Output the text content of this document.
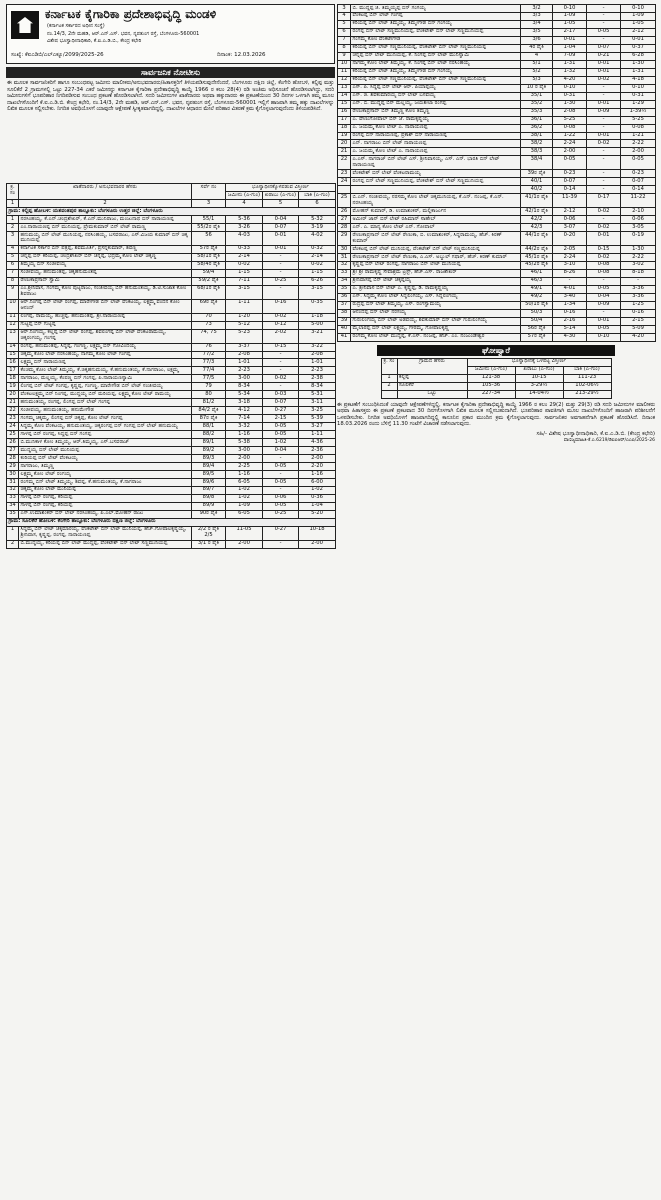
ಕರ್ನಾಟಕ ಕೈಗಾರಿಕಾ ಪ್ರದೇಶಾಭಿವೃದ್ಧಿ ಮಂಡಳಿ
(ಕರ್ನಾಟಕ ಸರ್ಕಾರದ ಅಧೀನ ಸಂಸ್ಥೆ)
ನಂ.14/3, 2ನೇ ಮಹಡಿ, ಆರ್.ಎನ್.ಎಸ್. ಭವನ, ನೃಪತುಂಗ ರಸ್ತೆ, ಬೆಂಗಳೂರು-560001
ವಿಶೇಷ ಭೂಸ್ವಾಧೀನಾಧಿಕಾರಿ, ಕೆ.ಐ.ಎ.ಡಿ.ಬಿ., ಕೇಂದ್ರ ಕಛೇರಿ
ಸಂಖ್ಯೆ: ಕೆಐಎಡಿಬಿ/ಎಲ್ಎಕ್ಯೂ/2099/2025-26	ದಿನಾಂಕ: 12.03.2026
ಸಾರ್ವಜನಿಕ ನೋಟೀಸು
ಈ ಮೂಲಕ ಸಾರ್ವಜನಿಕರಿಗೆ ಹಾಗೂ ಸಂಬಂಧಪಟ್ಟ ಜಮೀನು ಮಾಲೀಕರು/ಅನುಭವದಾರರು/ಹಿತಾಸಕ್ತರಿಗೆ ತಿಳಿಯಪಡಿಸುವುದೇನೆಂದರೆ, ಬೆಂಗಳೂರು ದಕ್ಷಿಣ ಜಿಲ್ಲೆ, ಕೆಂಗೇರಿ ಹೋಬಳಿ, ಕಲ್ಲಿಪ್ಪ ಮತ್ತು ಸೂಲಿಕೆರೆ 2 ಗ್ರಾಮಗಳಲ್ಲಿ ಒಟ್ಟು 227-34 ಎಕರೆ ಜಮೀನನ್ನು ಕರ್ನಾಟಕ ಕೈಗಾರಿಕಾ ಪ್ರದೇಶಾಭಿವೃದ್ಧಿ ಕಾಯ್ದೆ 1966 ರ ಕಲಂ 28(4) ರಡಿ ಅಂತಿಮ ಅಧಿಸೂಚನೆ ಹೊರಡಿಸಲಾಗಿದ್ದು, ಸದರಿ ಜಮೀನುಗಳಿಗೆ ಭೂಪರಿಹಾರ ನಿಗದಿಪಡಿಸುವ ಸಂಬಂಧ ಪ್ರಕಟಣೆ ಹೊರಡಿಸಲಾಗಿದೆ. ಸದರಿ ಜಮೀನುಗಳ ಖಾತೆದಾರರು ಅಥವಾ ಹಕ್ಕುದಾರರು ಈ ಪ್ರಕಟಣೆಯಿಂದ 30 ದಿನಗಳ ಒಳಗಾಗಿ ತಮ್ಮ ಮೂಲ ದಾಖಲೆಗಳೊಂದಿಗೆ ಕೆ.ಐ.ಎ.ಡಿ.ಬಿ. ಕೇಂದ್ರ ಕಛೇರಿ, ನಂ.14/3, 2ನೇ ಮಹಡಿ, ಆರ್.ಎನ್.ಎಸ್. ಭವನ, ನೃಪತುಂಗ ರಸ್ತೆ, ಬೆಂಗಳೂರು-560001 ಇಲ್ಲಿಗೆ ಹಾಜರಾಗಿ ತಮ್ಮ ಹಕ್ಕು ದಾಖಲೆಗಳನ್ನು ಲಿಖಿತ ಮೂಲಕ ಸಲ್ಲಿಸಬೇಕು. ನಿಗದಿತ ಅವಧಿಯೊಳಗೆ ಯಾವುದೇ ಆಕ್ಷೇಪಣೆ ಸ್ವೀಕೃತವಾಗದಿದ್ದಲ್ಲಿ, ದಾಖಲೆಗಳ ಆಧಾರದ ಮೇಲೆ ಪರಿಹಾರ ವಿತರಣೆ ಕ್ರಮ ಕೈಗೊಳ್ಳಲಾಗುವುದೆಂದು ತಿಳಿಯಪಡಿಸಿದೆ.
ಕ್ರ. ಸಂ	ಖಾತೆದಾರರು / ಅನುಭವದಾರರ ಹೆಸರು	ಸರ್ವೆ ನಂ	ಭೂಸ್ವಾಧೀನಕ್ಕೊಳಪಡುವ ವಿಸ್ತೀರ್ಣ		
			ಜಮೀನು (ಎ-ಗುಂ)	ಖರಾಬು (ಎ-ಗುಂ)	ಬಾಕಿ (ಎ-ಗುಂ)
1	2	3	4	5	6
ಗ್ರಾಮ: ಕಲ್ಲಿಪ್ಪ ಹೋಬಳಿ: ಯಶವಂತಪುರ ತಾಲ್ಲೂಕು: ಬೆಂಗಳೂರು ಉತ್ತರ ಜಿಲ್ಲೆ: ಬೆಂಗಳೂರು					
1	ನರಸಿಂಹಯ್ಯ, ಕೆ.ಎನ್.ಚಂದ್ರಶೇಖರ್, ಕೆ.ಎನ್.ಮುನಿರಾಜು, ಮಂಜುನಾಥ ಬಿನ್ ನಾರಾಯಣಪ್ಪ	55/1	5-36	0-04	5-32
2	ಎಂ.ನಾರಾಯಣಪ್ಪ ಬಿನ್ ಮುನಿಯಪ್ಪ, ಪ್ರೇಮಕುಮಾರ್ ಬಿನ್ ಲೇಟ್ ರಾಮಣ್ಣ	55/2ರ ಪೈಕಿ	3-26	0-07	3-19
3	ಹನುಮಯ್ಯ ಬಿನ್ ಲೇಟ್ ಮುನಿಯಪ್ಪ, ನರಸಿಂಹಯ್ಯ, ಬಸವರಾಜು, ಎಸ್.ವಿಜಯ ಕುಮಾರ್ ಬಿನ್ ಚಿಕ್ಕ ಮುನಿಯಪ್ಪ	56	4-03	0-01	4-02
4	ಕರ್ನಾಟಕ ಸರ್ಕಾರ ಬಿನ್ ಪತ್ರಪ್ಪ, ಶಿವಮೂರ್ತಿ, ಪ್ರಸನ್ನಕುಮಾರ್, ಶಿವಣ್ಣ	57ರ ಪೈಕಿ	0-33	0-01	0-32
5	ಚನ್ನಪ್ಪ ಬಿನ್ ಕರಿಯಪ್ಪ, ಚಂದ್ರಶೇಖರ್ ಬಿನ್ ಚನ್ನಪ್ಪ, ಭದ್ರಮ್ಮ ಕೋಂ ಲೇಟ್ ಚಿಕ್ಕಣ್ಣ	58/1ರ ಪೈಕಿ	2-14	-	2-14
6	ತಿಮ್ಮಯ್ಯ ಬಿನ್ ಸಂಜೀವಯ್ಯ	58/4ರ ಪೈಕಿ	0-02	-	0-02
7	ಸಂಜೀವಯ್ಯ, ಹನುಮಂತಪ್ಪ, ಚಿಕ್ಕಹನುಮಂತಪ್ಪ	59/4	1-15	-	1-15
8	ರೇಣುಕಾಪ್ರಸಾದ್ ಸ್ವಾಮಿ	59/2 ಪೈಕಿ	7-11	0-25	6-26
9	ಎಂ.ಶ್ರೀನಿವಾಸ, ಗಂಗಮ್ಮ ಕೋಂ ಪುಟ್ಟರಾಜು, ಸಂಜೀವಯ್ಯ ಬಿನ್ ಹನುಮಂತಯ್ಯ, ಡಿ.ಟಿ.ಸುಜಾತ ಕೋಂ ಶಿವರಾಜು	68/1ರ ಪೈಕಿ	3-15	-	3-15
10	ಆರ್.ನಿಂಗಪ್ಪ ಬಿನ್ ಲೇಟ್ ರಂಗಪ್ಪ, ಮಾರೇಗೌಡ ಬಿನ್ ಲೇಟ್ ವೆಂಕಟಯ್ಯ, ಲಕ್ಷ್ಮಮ್ಮ ವಂದನ ಕೋಂ ಆನಂದ್	69ರ ಪೈಕಿ	1-11	0-16	0-35
11	ಲಿಂಗಪ್ಪ, ರಾಮಯ್ಯ, ಹುಚ್ಚಪ್ಪ, ಹನುಮಂತಪ್ಪ, ಶ್ರೀ.ನಾರಾಯಣಪ್ಪ	70	1-20	0-02	1-18
12	ಗುಟ್ಟಪ್ಪ ಬಿನ್ ಗುಟ್ಟಪ್ಪ	73	5-12	0-12	5-00
13	ಆರ್.ನಿಂಗಯ್ಯ, ಕಲ್ಲಪ್ಪ ಬಿನ್ ಲೇಟ್ ರಂಗಪ್ಪ, ಶಿವಲಿಂಗಪ್ಪ ಬಿನ್ ಲೇಟ್ ವೆಂಕಟರಾಮಯ್ಯ, ಚಿಕ್ಕರಂಗಯ್ಯ, ಗಂಗಪ್ಪ	74, 75	5-23	2-02	3-21
14	ರಂಗಪ್ಪ, ಹನುಮಂತಪ್ಪ, ಸಿದ್ದಪ್ಪ, ಗಂಗಣ್ಣ, ಲಕ್ಷ್ಮಮ್ಮ ಬಿನ್ ಗೋವಿಂದಯ್ಯ	76	3-37	0-15	3-22
15	ಚಿಕ್ಕಮ್ಮ ಕೋಂ ಲೇಟ್ ನರಸಿಂಹಯ್ಯ, ನಾಗಮ್ಮ ಕೋಂ ಲೇಟ್ ಗಂಗಪ್ಪ	77/2	2-08	-	2-08
16	ಲಕ್ಷ್ಮಮ್ಮ ಬಿನ್ ನಾರಾಯಣಪ್ಪ	77/3	1-01	-	1-01
17	ಕೆಂಚಮ್ಮ ಕೋಂ ಲೇಟ್ ತಿಮ್ಮಯ್ಯ, ಕೆ.ಚಿಕ್ಕಹನುಮಯ್ಯ, ಕೆ.ಹನುಮಂತಯ್ಯ, ಕೆ.ನಾಗರಾಜು, ಲಕ್ಷ್ಮಮ್ಮ	77/4	2-23	-	2-23
18	ನಾಗರಾಜು, ಮಲ್ಲಯ್ಯ, ಕೆಂಪಣ್ಣ ಬಿನ್ ಗಂಗಪ್ಪ, ಪಿ.ನಾರಾಯಣಸ್ವಾಮಿ	77/5	3-00	0-02	2-38
19	ಲಿಂಗಪ್ಪ ಬಿನ್ ಲೇಟ್ ಗಂಗಪ್ಪ, ಕೃಷ್ಣಪ್ಪ, ಗಂಗಣ್ಣ, ಮಾರೇಗೌಡ ಬಿನ್ ಲೇಟ್ ಸಂಜೀವಯ್ಯ	79	8-34	-	8-34
20	ವೆಂಕಟಲಕ್ಷ್ಮಮ್ಮ ಬಿನ್ ನಿಂಗಪ್ಪ, ಮುದ್ದಯ್ಯ ಬಿನ್ ಮರಿಯಪ್ಪ, ಲಕ್ಷ್ಮಮ್ಮ ಕೋಂ ಲೇಟ್ ರಾಮಯ್ಯ	80	5-34	0-03	5-31
21	ಹನುಮಂತಯ್ಯ, ರಂಗಪ್ಪ, ಲಿಂಗಪ್ಪ ಬಿನ್ ಲೇಟ್ ಗಂಗಪ್ಪ	81/2	3-18	0-07	3-11
22	ಸಂಜೀವಯ್ಯ, ಹನುಮಂತಯ್ಯ, ಹನುಮೇಗೌಡ	84/2 ಪೈಕಿ	4-12	0-27	3-25
23	ಗಂಗಮ್ಮ ಚಿಕ್ಕಮ್ಮ, ಲಿಂಗಪ್ಪ ಬಿನ್ ಚಿಕ್ಕಪ್ಪ, ಕೋಂ ಲೇಟ್ ಗಂಗಪ್ಪ	87ರ ಪೈಕಿ	7-14	2-15	5-39
24	ಸಿದ್ದಮ್ಮ ಕೋಂ ವೆಂಕಟಯ್ಯ, ಹನುಮಂತಯ್ಯ, ಚಿಕ್ಕರಂಗಪ್ಪ ಬಿನ್ ಗಂಗಪ್ಪ ಬಿನ್ ಲೇಟ್ ಹನುಮಯ್ಯ	88/1	3-32	0-05	3-27
25	ಗಾಳಪ್ಪ ಬಿನ್ ರಂಗಪ್ಪ, ಸಿದ್ದಪ್ಪ ಬಿನ್ ಗಂಗಪ್ಪ	88/2	1-16	0-05	1-11
26	ಬಿ.ಮುನಿಕಾಳ ಕೋಂ ತಿಮ್ಮಯ್ಯ, ಆರ್.ತಿಮ್ಮಯ್ಯ, ಎಸ್.ಬಸವರಾಜ್	89/1	5-38	1-02	4-36
27	ಮುದ್ದಯ್ಯ ಬಿನ್ ಲೇಟ್ ಮುನಿಯಪ್ಪ	89/2	3-00	0-04	2-36
28	ಕುರಿಯಪ್ಪ ಬಿನ್ ಲೇಟ್ ವೆಂಕಟಯ್ಯ	89/3	2-00	-	2-00
29	ನಾಗರಾಜು, ತಿಮ್ಮಣ್ಣ	89/4	2-25	0-05	2-20
30	ಲಕ್ಷ್ಮಮ್ಮ ಕೋಂ ಲೇಟ್ ರಂಗಯ್ಯ	89/5	1-16	-	1-16
31	ರಂಗಮ್ಮ ಬಿನ್ ಲೇಟ್ ತಿಮ್ಮಯ್ಯ, ಶಿವಪ್ಪ, ಕೆ.ಹನುಮಂತಯ್ಯ, ಕೆ.ನಾಗರಾಜು	89/6	6-05	0-05	6-00
32	ಚಿಕ್ಕಮ್ಮ ಕೋಂ ಲೇಟ್ ಮುನಿಯಪ್ಪ	89/7	1-02	-	1-02
33	ಗಾಳಪ್ಪ ಬಿನ್ ರಂಗಪ್ಪ, ಕರಿಯಪ್ಪ	89/8	1-02	0-06	0-36
34	ಗಾಳಪ್ಪ ಬಿನ್ ರಂಗಪ್ಪ, ಕರಿಯಪ್ಪ	89/9	1-09	0-05	1-04
35	ಎಸ್.ಉಮಾಶಂಕರ್ ಬಿನ್ ಲೇಟ್ ನರಸಿಂಹಯ್ಯ, ಪಿ.ಎಲ್.ಮೋಹನ್ ರಾಜು	90ರ ಪೈಕಿ	6-05	0-25	5-20
ಗ್ರಾಮ: ಸೂಲಿಕೆರೆ ಹೋಬಳಿ: ಕೆಂಗೇರಿ ತಾಲ್ಲೂಕು: ಬೆಂಗಳೂರು ದಕ್ಷಿಣ ಜಿಲ್ಲೆ: ಬೆಂಗಳೂರು					
1	ಸಿದ್ದಮ್ಮ ಬಿನ್ ಲೇಟ್ ಚಿಕ್ಕಮಾರಯ್ಯ, ವೆಂಕಟೇಶ್ ಬಿನ್ ಲೇಟ್ ಮುನಿಯಪ್ಪ, ಹೆಚ್.ಗೋಪಾಲಕೃಷ್ಣಯ್ಯ, ಶ್ರೀನಿವಾಸ, ಕೃಷ್ಣಪ್ಪ, ರಂಗಪ್ಪ, ನಾರಾಯಣಪ್ಪ	2/2 ರ ಪೈಕಿ 2/5	11-05	0-27	10-18
2	ಬಿ.ಮುದ್ದಯ್ಯ, ಕರಿಯಪ್ಪ ಬಿನ್ ಲೇಟ್ ಮುದ್ದಪ್ಪ, ವೆಂಕಟೇಶ್ ಬಿನ್ ಲೇಟ್ ಸಣ್ಣಮುನಿಯಪ್ಪ	3/1 ರ ಪೈಕಿ	2-00	-	2-00
3	ಬಿ. ಮುದ್ದಪ್ಪ ಜಿ. ತಿಮ್ಮಯ್ಯಪ್ಪ ಬಿನ್ ಗಂಗಯ್ಯ	3/2	0-10	-	0-10
4	ವೆಂಕಟಪ್ಪ ಬಿನ್ ಲೇಟ್ ಗಂಗಪ್ಪ	3/3	1-09	-	1-09
5	ಕರಿಯಪ್ಪ ಬಿನ್ ಲೇಟ್ ತಿಮ್ಮಯ್ಯ, ತಿಮ್ಮೇಗೌಡ ಬಿನ್ ಗಂಗಯ್ಯ	3/4	1-05	-	1-05
6	ರಂಗಪ್ಪ ಬಿನ್ ಲೇಟ್ ಸಣ್ಣಮುನಿಯಪ್ಪ, ವೆಂಕಟೇಶ್ ಬಿನ್ ಲೇಟ್ ಸಣ್ಣಮುನಿಯಪ್ಪ	3/5	2-17	0-05	2-12
7	ಗಂಗಮ್ಮ ಕೋಂ ವೆಂಕಟೇಗೌಡ	3/6	0-01	-	0-01
8	ಕರಿಯಪ್ಪ ಬಿನ್ ಲೇಟ್ ಸಣ್ಣಮುನಿಯಪ್ಪ, ವೆಂಕಟೇಶ್ ಬಿನ್ ಲೇಟ್ ಸಣ್ಣಮುನಿಯಪ್ಪ	4ರ ಪೈಕಿ	1-04	0-07	0-37
9	ಚನ್ನಪ್ಪ ಬಿನ್ ಲೇಟ್ ಮುನಿಯಪ್ಪ, ಕೆ. ನಿಂಗಪ್ಪ ಬಿನ್ ಲೇಟ್ ಮುನಿಸ್ವಾಮಿ	4	7-09	0-21	6-28
10	ನಾಗಮ್ಮ ಕೋಂ ಲೇಟ್ ತಿಮ್ಮಯ್ಯ, ಕೆ. ನಿಂಗಪ್ಪ ಬಿನ್ ಲೇಟ್ ನರಸಿಂಹಯ್ಯ	5/1	1-31	0-01	1-30
11	ಕರಿಯಪ್ಪ ಬಿನ್ ಲೇಟ್ ತಿಮ್ಮಯ್ಯ, ತಿಮ್ಮೇಗೌಡ ಬಿನ್ ಗಂಗಯ್ಯ	5/2	1-32	0-01	1-31
12	ಕರಿಯಪ್ಪ ಬಿನ್ ಲೇಟ್ ಸಣ್ಣಮುನಿಯಪ್ಪ, ವೆಂಕಟೇಶ್ ಬಿನ್ ಲೇಟ್ ಸಣ್ಣಮುನಿಯಪ್ಪ	5/3	4-20	0-02	4-18
13	ಎಸ್. ಪಿ. ಸಿದ್ದಪ್ಪ ಬಿನ್ ಲೇಟ್ ಆರ್. ಪಿಯಾಪ್ಪಯ್ಯ	10 ರ ಪೈಕಿ	0-10	-	0-10
14	ಎಸ್. ಜಿ. ಶಿವಕುಮಾರಯ್ಯ ಬಿನ್ ಲೇಟ್ ಬಸವಯ್ಯ	35/1	0-31	-	0-31
15	ಎನ್. ಬಿ. ಮುದ್ದಪ್ಪ ಬಿನ್ ಮಲ್ಲಯ್ಯ, ಜಯಶೀಲಾ ರಂಗಪ್ಪ	35/2	1-30	0-01	1-29
16	ರೇಣುಕಾಪ್ರಸಾದ್ ಬಿನ್ ತಿಮ್ಮಣ್ಣ ಕೋಂ ತಿಮ್ಮಣ್ಣ	35/3	2-08	0-09	1-39½
17	ಎ. ವೇಣುಗೋಪಾಲ್ ಬಿನ್ ಜೆ. ರಾಮಕೃಷ್ಣಯ್ಯ	36/1	5-25	-	5-25
18	ಎ. ಜಯಮ್ಮ ಕೋಂ ಲೇಟ್ ಎ. ನಾರಾಯಣಪ್ಪ	36/2	0-08	-	0-08
19	ರಂಗಪ್ಪ ಬಿನ್ ನಾರಾಯಣಪ್ಪ, ಪ್ರಕಾಶ್ ಬಿನ್ ನಾರಾಯಣಪ್ಪ	38/1	1-22	0-01	1-21
20	ಎನ್. ನಾಗರಾಜು ಬಿನ್ ಲೇಟ್ ನಾರಾಯಣಪ್ಪ	38/2	2-24	0-02	2-22
21	ಎ. ಜಯಮ್ಮ ಕೋಂ ಲೇಟ್ ಎ. ನಾರಾಯಣಪ್ಪ	38/3	2-00	-	2-00
22	ಎ.ಎಸ್. ನಾಗರಾಜ್ ಬಿನ್ ಲೇಟ್ ಎಸ್. ಶ್ರೀನಿವಾಸಯ್ಯ, ಎಸ್. ಎನ್. ಭಾರತಿ ಬಿನ್ ಲೇಟ್ ನಾರಾಯಣಪ್ಪ	38/4	0-05	-	0-05
23	ವೆಂಕಟೇಶ್ ಬಿನ್ ಲೇಟ್ ವೆಂಕಟರಾಮಯ್ಯ	39ರ ಪೈಕಿ	0-23	-	0-23
24	ರಂಗಪ್ಪ ಬಿನ್ ಲೇಟ್ ಸಣ್ಣಮುನಿಯಪ್ಪ, ವೆಂಕಟೇಶ್ ಬಿನ್ ಲೇಟ್ ಸಣ್ಣಮುನಿಯಪ್ಪ	40/1	0-07	-	0-07
		40/2	0-14	-	0-14
25	ಬಿ.ಎನ್. ಸಂಜೀವಯ್ಯ, ನರಸಮ್ಮ ಕೋಂ ಲೇಟ್ ಚಿಕ್ಕಮುನಿಯಪ್ಪ, ಕೆ.ಎನ್. ನಂಜಪ್ಪ, ಕೆ.ಎನ್. ನರಸಿಂಹಯ್ಯ	41/1ರ ಪೈಕಿ	11-39	0-17	11-22
26	ಮೋಹನ್ ಕುಮಾರ್, ಡಿ. ಉಮಾಶಂಕರ್, ಮಲ್ಲಿಕಾರ್ಜುನ	42/1ರ ಪೈಕಿ	2-12	0-02	2-10
27	ಅಮೀರ್ ಜಾನ್ ಬಿನ್ ಲೇಟ್ ರಹಿಮಾನ್ ಸಾಹೇಬ್	42/2	0-06	-	0-06
28	ಎನ್. ಎ. ಮಾನ್ಯ ಕೋಂ ಲೇಟ್ ಎನ್. ಗೋಪಾಲ್	42/3	3-07	0-02	3-05
29	ರೇಣುಕಾಪ್ರಸಾದ್ ಬಿನ್ ಲೇಟ್ ರೇಣುಕಾ, ಬಿ. ಉಮಾಶಂಕರ್, ಸಿದ್ದರಾಮಯ್ಯ, ಹೆಚ್. ಕಿರಣ್ ಕುಮಾರ್	44/1ರ ಪೈಕಿ	0-20	0-01	0-19
30	ವೆಂಕಟಪ್ಪ ಬಿನ್ ಲೇಟ್ ಮುನಿಯಪ್ಪ, ವೆಂಕಟೇಶ್ ಬಿನ್ ಲೇಟ್ ಸಣ್ಣಮುನಿಯಪ್ಪ	44/2ರ ಪೈಕಿ	2-05	0-15	1-30
31	ರೇಣುಕಾಪ್ರಸಾದ್ ಬಿನ್ ಲೇಟ್ ರೇಣುಕಾ, ಎ.ಎಸ್. ಅಬ್ದುಲ್ ಗಫಾರ್, ಹೆಚ್. ಕಿರಣ್ ಕುಮಾರ್	45/1ರ ಪೈಕಿ	2-24	0-02	2-22
32	ಕೃಷ್ಣಪ್ಪ ಬಿನ್ ಲೇಟ್ ರಂಗಪ್ಪ, ನಾಗರಾಜು ಬಿನ್ ಲೇಟ್ ಮುನಿಯಪ್ಪ	45/2ರ ಪೈಕಿ	3-10	0-08	3-02
33	ಶ್ರೀ ಶ್ರೀ ರಾಮಕೃಷ್ಣ ಸೇವಾಶ್ರಮ ಟ್ರಸ್ಟ್, ಹೆಚ್.ಎಸ್. ರಾಜಶೇಖರ್	46/1	8-26	0-08	8-18
34	ಶ್ರೀನಿವಾಸಪ್ಪ ಬಿನ್ ಲೇಟ್ ಚಿಕ್ಕಪ್ಪಯ್ಯ	46/3	-	-	-
35	ಎ. ಶ್ರೀನಿವಾಸ ಬಿನ್ ಲೇಟ್ ಎ. ಕೃಷ್ಣಪ್ಪ, ಡಿ. ರಾಮಕೃಷ್ಣಯ್ಯ	49/1	4-01	0-05	3-36
36	ಎಸ್. ಸಿದ್ದಮ್ಮ ಕೋಂ ಲೇಟ್ ಸಿದ್ದಲಿಂಗಯ್ಯ, ಎಸ್. ಸಿದ್ದಲಿಂಗಯ್ಯ	49/2	3-40	0-04	3-36
37	ರುದ್ರಪ್ಪ ಬಿನ್ ಲೇಟ್ ತಿಮ್ಮಯ್ಯ, ಎಸ್. ರಂಗಸ್ವಾಮಯ್ಯ	50/1ರ ಪೈಕಿ	1-34	0-09	1-25
38	ಆನಂದಪ್ಪ ಬಿನ್ ಲೇಟ್ ನರಸಯ್ಯ	50/3	0-16	-	0-16
39	ಗುರುಲಿಂಗಯ್ಯ ಬಿನ್ ಲೇಟ್ ಅಡವಯ್ಯ, ಶಿವಕುಮಾರ್ ಬಿನ್ ಲೇಟ್ ಗುರುಲಿಂಗಯ್ಯ	50/4	2-16	0-01	2-15
40	ಮೈಲಾರಪ್ಪ ಬಿನ್ ಲೇಟ್ ಲಕ್ಷ್ಮಯ್ಯ, ಗೌರಮ್ಮ, ಗೋಪಾಲಕೃಷ್ಣ	56ರ ಪೈಕಿ	5-14	0-05	5-09
41	ರಂಗಮ್ಮ ಕೋಂ ಲೇಟ್ ಮುದ್ದಪ್ಪ, ಕೆ.ಎಸ್. ನಂಜಪ್ಪ, ಹೆಚ್. ಎಂ. ನಂಜುಂಡೇಶ್ವರ	57ರ ಪೈಕಿ	4-30	0-10	4-20
ಘೋಷ್ವಾರೆ
ಕ್ರ. ಸಂ	ಗ್ರಾಮದ ಹೆಸರು	ಭೂಸ್ವಾಧೀನಕ್ಕೆ ಒಳಪಟ್ಟ ವಿಸ್ತೀರ್ಣ		
		ಜಮೀನು (ಎ-ಗುಂ)	ಖರಾಬು (ಎ-ಗುಂ)	ಬಾಕಿ (ಎ-ಗುಂ)
1	ಕಲ್ಲಿಪ್ಪ	121-38	10-15	111-23
2	ಸೂಲಿಕೆರೆ	105-36	3-29½	102-06½
	ಒಟ್ಟು	227-34	14-04½	213-29½
ಈ ಪ್ರಕಟಣೆಗೆ ಸಂಬಂಧಿಸಿದಂತೆ ಯಾವುದೇ ಆಕ್ಷೇಪಣೆಗಳಿದ್ದಲ್ಲಿ, ಕರ್ನಾಟಕ ಕೈಗಾರಿಕಾ ಪ್ರದೇಶಾಭಿವೃದ್ಧಿ ಕಾಯ್ದೆ 1966 ರ ಕಲಂ 29(2) ಮತ್ತು 29(3) ರಡಿ ಸದರಿ ಜಮೀನುಗಳ ಮಾಲೀಕರು ಅಥವಾ ಹಿತಾಸಕ್ತರು ಈ ಪ್ರಕಟಣೆ ಪ್ರಕಟವಾದ 30 ದಿನಗಳೊಳಗಾಗಿ ಲಿಖಿತ ಮೂಲಕ ಸಲ್ಲಿಸಬಹುದಾಗಿದೆ. ಭೂಪರಿಹಾರ ಪಾವತಿಗಾಗಿ ಮೂಲ ದಾಖಲೆಗಳೊಂದಿಗೆ ಹಾಜರಾಗಿ ಪರಿಶೀಲನೆಗೆ ಒಳಪಡಿಸಬೇಕು. ನಿಗದಿತ ಅವಧಿಯೊಳಗೆ ಹಾಜರಾಗದಿದ್ದಲ್ಲಿ ಕಾನೂನಿನ ಪ್ರಕಾರ ಮುಂದಿನ ಕ್ರಮ ಕೈಗೊಳ್ಳಲಾಗುವುದು. ಸಾರ್ವಜನಿಕರ ಅವಗಾಹನೆಗಾಗಿ ಪ್ರಕಟಣೆ ಹೊರಡಿಸಿದೆ. ದಿನಾಂಕ 18.03.2026 ರಂದು ಬೆಳಿಗ್ಗೆ 11.30 ಗಂಟೆಗೆ ವಿಚಾರಣೆ ನಡೆಸಲಾಗುವುದು.
ಸಹಿ/- ವಿಶೇಷ ಭೂಸ್ವಾಧೀನಾಧಿಕಾರಿ, ಕೆ.ಐ.ಎ.ಡಿ.ಬಿ. (ಕೇಂದ್ರ ಕಛೇರಿ)
ವಾಣಿಜ್ಯಮಾಹಿತಿ-ಕೆ.ಎ.6219/ಡಿಐಪಿಆರ್/ಎಎಪಿ/2025-26
